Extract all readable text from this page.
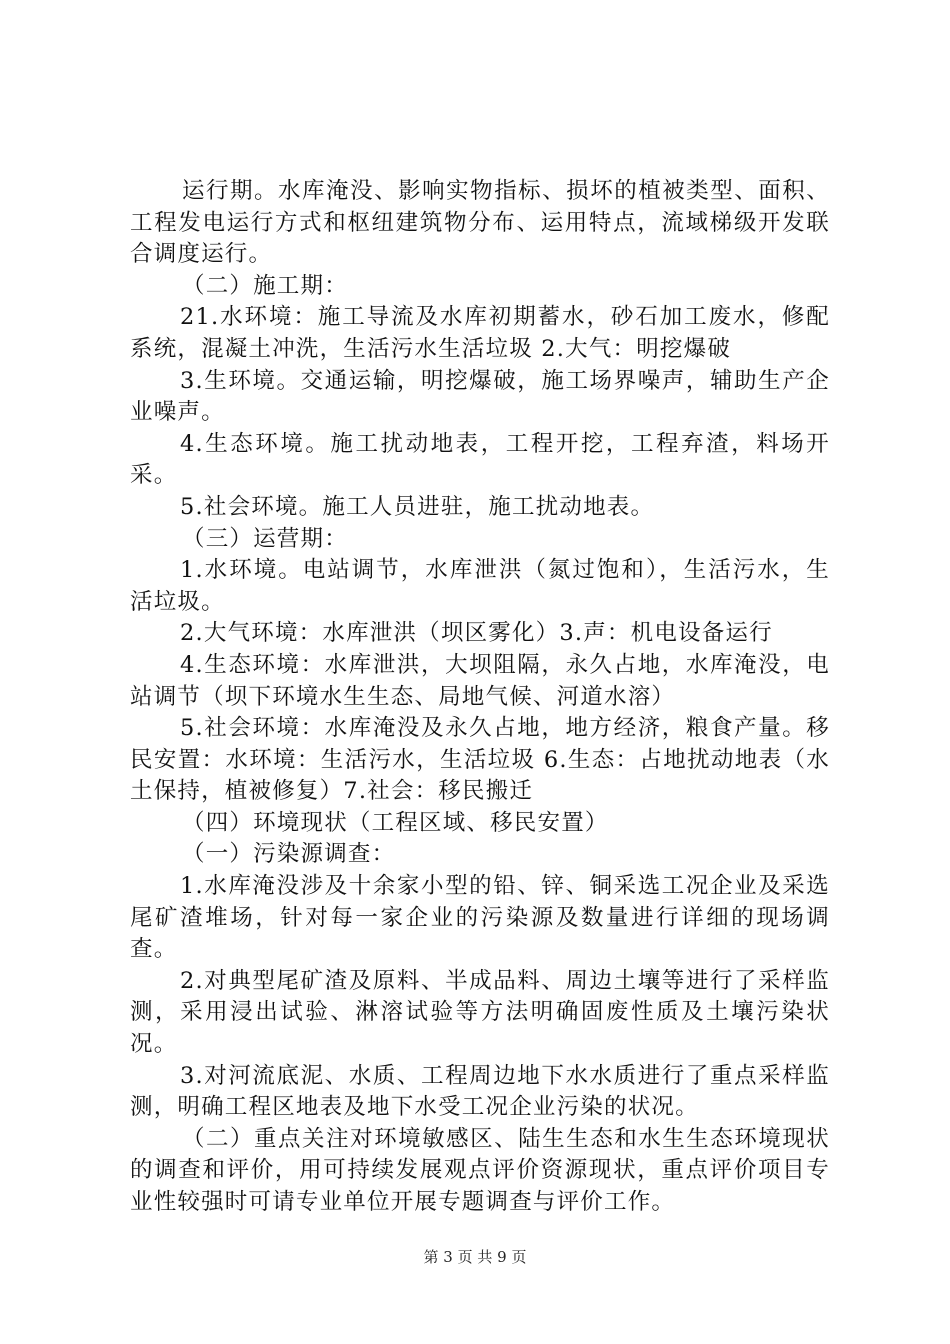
运行期。水库淹没、影响实物指标、损坏的植被类型、面积、工程发电运行方式和枢纽建筑物分布、运用特点，流域梯级开发联合调度运行。

（二）施工期：

21.水环境：施工导流及水库初期蓄水，砂石加工废水，修配系统，混凝土冲洗，生活污水生活垃圾 2.大气：明挖爆破

3.生环境。交通运输，明挖爆破，施工场界噪声，辅助生产企业噪声。

4.生态环境。施工扰动地表，工程开挖，工程弃渣，料场开采。

5.社会环境。施工人员进驻，施工扰动地表。

（三）运营期：

1.水环境。电站调节，水库泄洪（氮过饱和），生活污水，生活垃圾。

2.大气环境：水库泄洪（坝区雾化）3.声：机电设备运行

4.生态环境：水库泄洪，大坝阻隔，永久占地，水库淹没，电站调节（坝下环境水生生态、局地气候、河道水溶）

5.社会环境：水库淹没及永久占地，地方经济，粮食产量。移民安置：水环境：生活污水，生活垃圾 6.生态：占地扰动地表（水土保持，植被修复）7.社会：移民搬迁

（四）环境现状（工程区域、移民安置）

（一）污染源调查：

1.水库淹没涉及十余家小型的铅、锌、铜采选工况企业及采选尾矿渣堆场，针对每一家企业的污染源及数量进行详细的现场调查。

2.对典型尾矿渣及原料、半成品料、周边土壤等进行了采样监测，采用浸出试验、淋溶试验等方法明确固废性质及土壤污染状况。

3.对河流底泥、水质、工程周边地下水水质进行了重点采样监测，明确工程区地表及地下水受工况企业污染的状况。

（二）重点关注对环境敏感区、陆生生态和水生生态环境现状的调查和评价，用可持续发展观点评价资源现状，重点评价项目专业性较强时可请专业单位开展专题调查与评价工作。

第 3 页 共 9 页
